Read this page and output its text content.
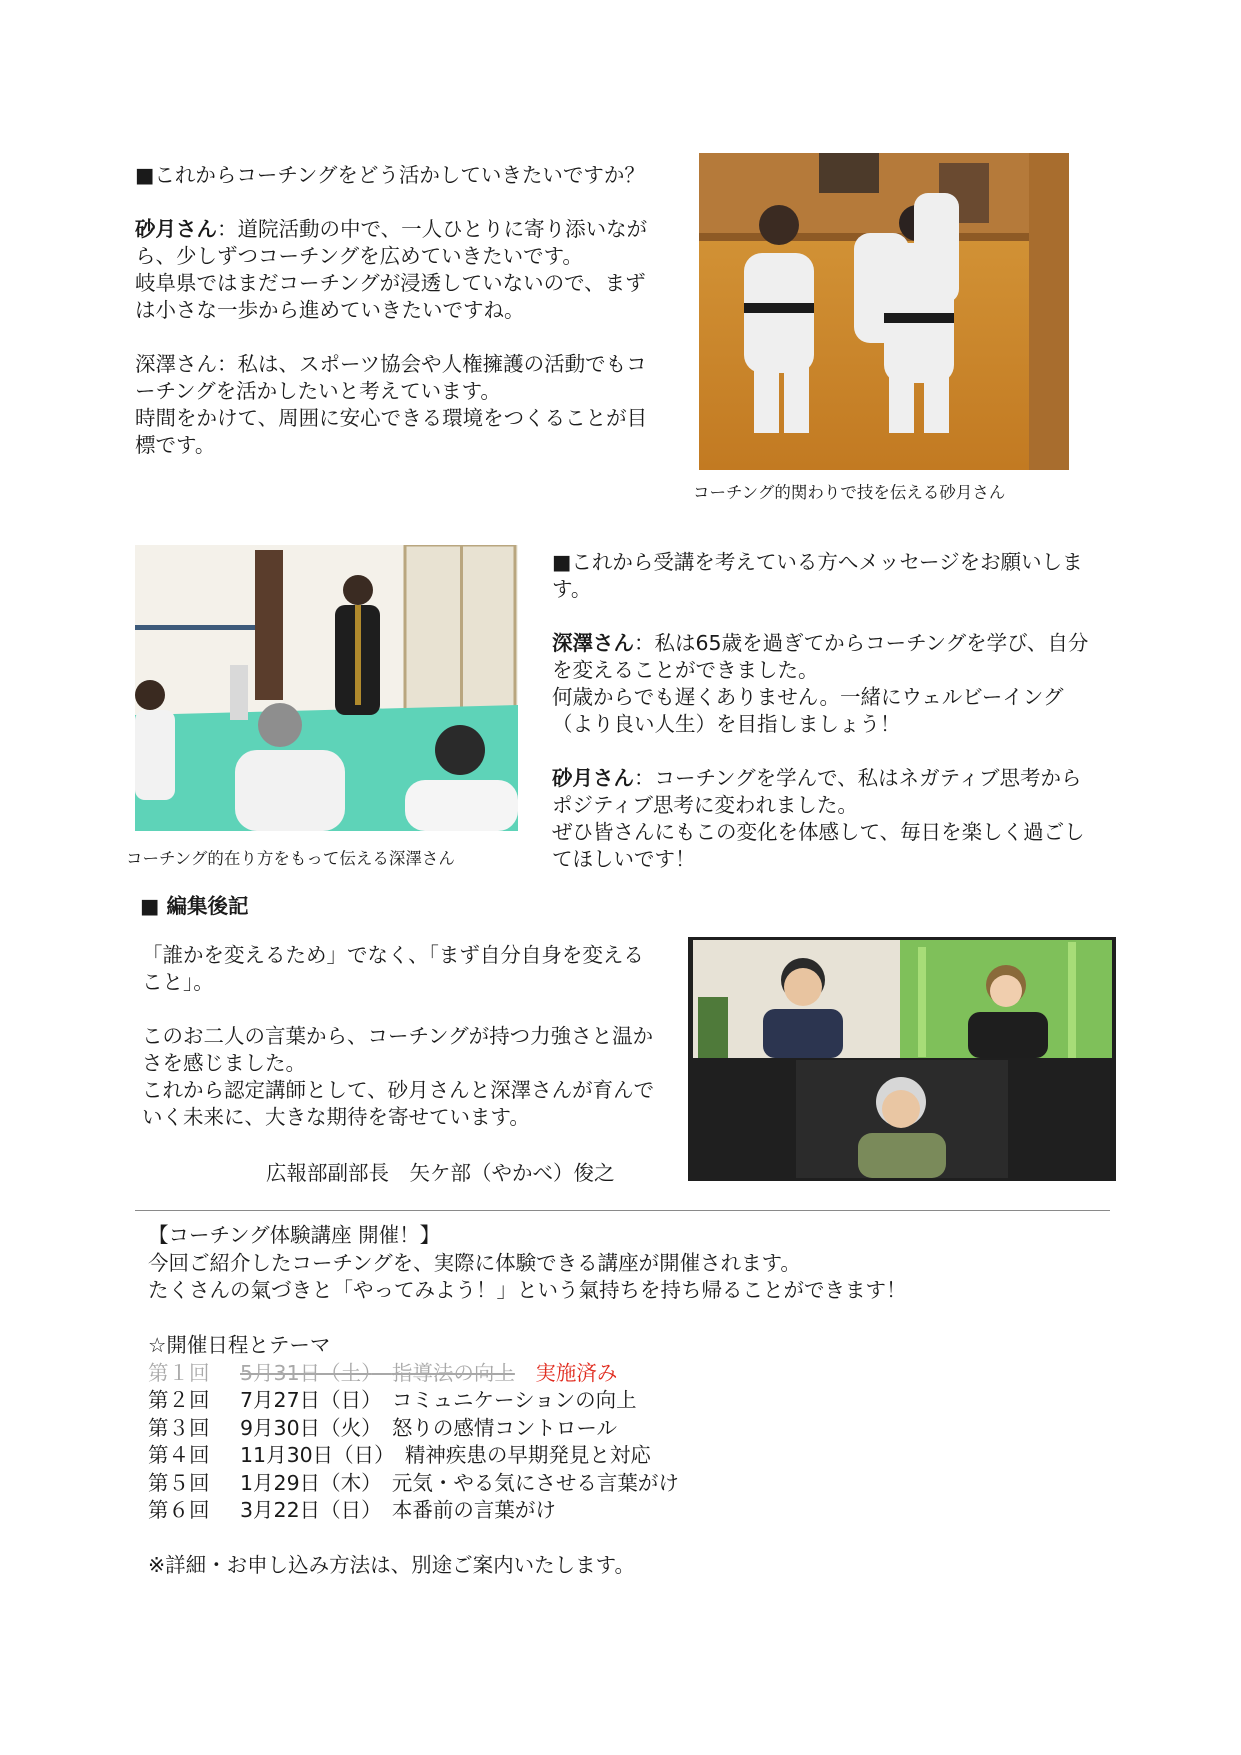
■これからコーチングをどう活かしていきたいですか？

砂月さん：道院活動の中で、一人ひとりに寄り添いながら、少しずつコーチングを広めていきたいです。

岐阜県ではまだコーチングが浸透していないので、まずは小さな一歩から進めていきたいですね。

深澤さん：私は、スポーツ協会や人権擁護の活動でもコーチングを活かしたいと考えています。

時間をかけて、周囲に安心できる環境をつくることが目標です。

コーチング的関わりで技を伝える砂月さん
コーチング的在り方をもって伝える深澤さん

■これから受講を考えている方へメッセージをお願いします。

深澤さん：私は65歳を過ぎてからコーチングを学び、自分を変えることができました。

何歳からでも遅くありません。一緒にウェルビーイング（より良い人生）を目指しましょう！

砂月さん：コーチングを学んで、私はネガティブ思考からポジティブ思考に変われました。

ぜひ皆さんにもこの変化を体感して、毎日を楽しく過ごしてほしいです！

■ 編集後記

「誰かを変えるため」でなく、「まず自分自身を変えること」。

このお二人の言葉から、コーチングが持つ力強さと温かさを感じました。

これから認定講師として、砂月さんと深澤さんが育んでいく未来に、大きな期待を寄せています。

広報部副部長　矢ケ部（やかべ）俊之
【コーチング体験講座 開催！】
今回ご紹介したコーチングを、実際に体験できる講座が開催されます。
たくさんの氣づきと「やってみよう！」という氣持ちを持ち帰ることができます！
☆開催日程とテーマ
第１回 5月31日（土）　 指導法の向上　 実施済み
第２回 7月27日（日）　 コミュニケーションの向上
第３回 9月30日（火）　 怒りの感情コントロール
第４回 11月30日（日）　 精神疾患の早期発見と対応
第５回 1月29日（木）　 元気・やる気にさせる言葉がけ
第６回 3月22日（日）　 本番前の言葉がけ
※詳細・お申し込み方法は、別途ご案内いたします。
